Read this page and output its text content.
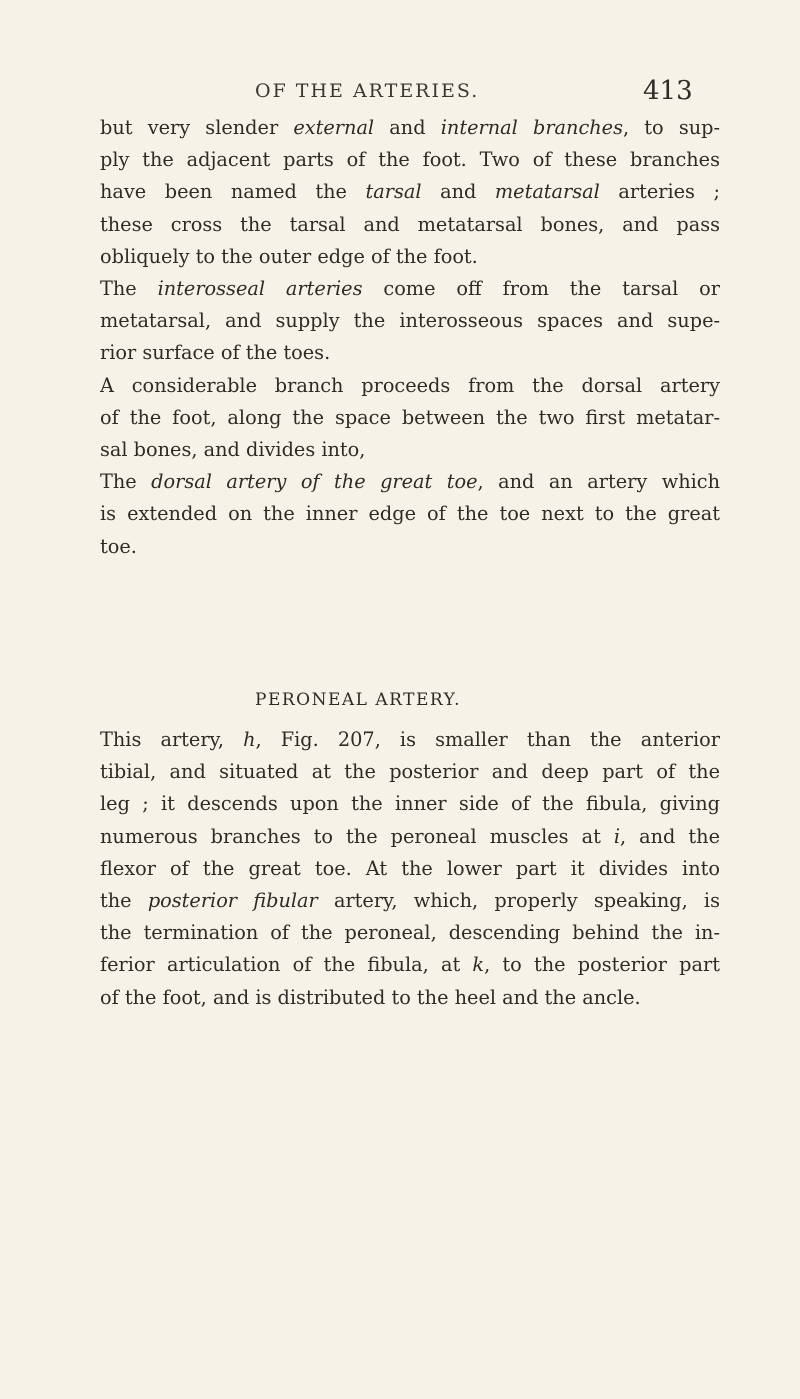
OF THE ARTERIES.	413
but very slender external and internal branches, to sup-
ply the adjacent parts of the foot. Two of these branches
have been named the tarsal and metatarsal arteries ;
these cross the tarsal and metatarsal bones, and pass
obliquely to the outer edge of the foot.
The interosseal arteries come off from the tarsal or
metatarsal, and supply the interosseous spaces and supe-
rior surface of the toes.
A considerable branch proceeds from the dorsal artery
of the foot, along the space between the two first metatar-
sal bones, and divides into,
The dorsal artery of the great toe, and an artery which
is extended on the inner edge of the toe next to the great
toe.
PERONEAL ARTERY.
This artery, h, Fig. 207, is smaller than the anterior
tibial, and situated at the posterior and deep part of the
leg ; it descends upon the inner side of the fibula, giving
numerous branches to the peroneal muscles at i, and the
flexor of the great toe. At the lower part it divides into
the posterior fibular artery, which, properly speaking, is
the termination of the peroneal, descending behind the in-
ferior articulation of the fibula, at k, to the posterior part
of the foot, and is distributed to the heel and the ancle.
